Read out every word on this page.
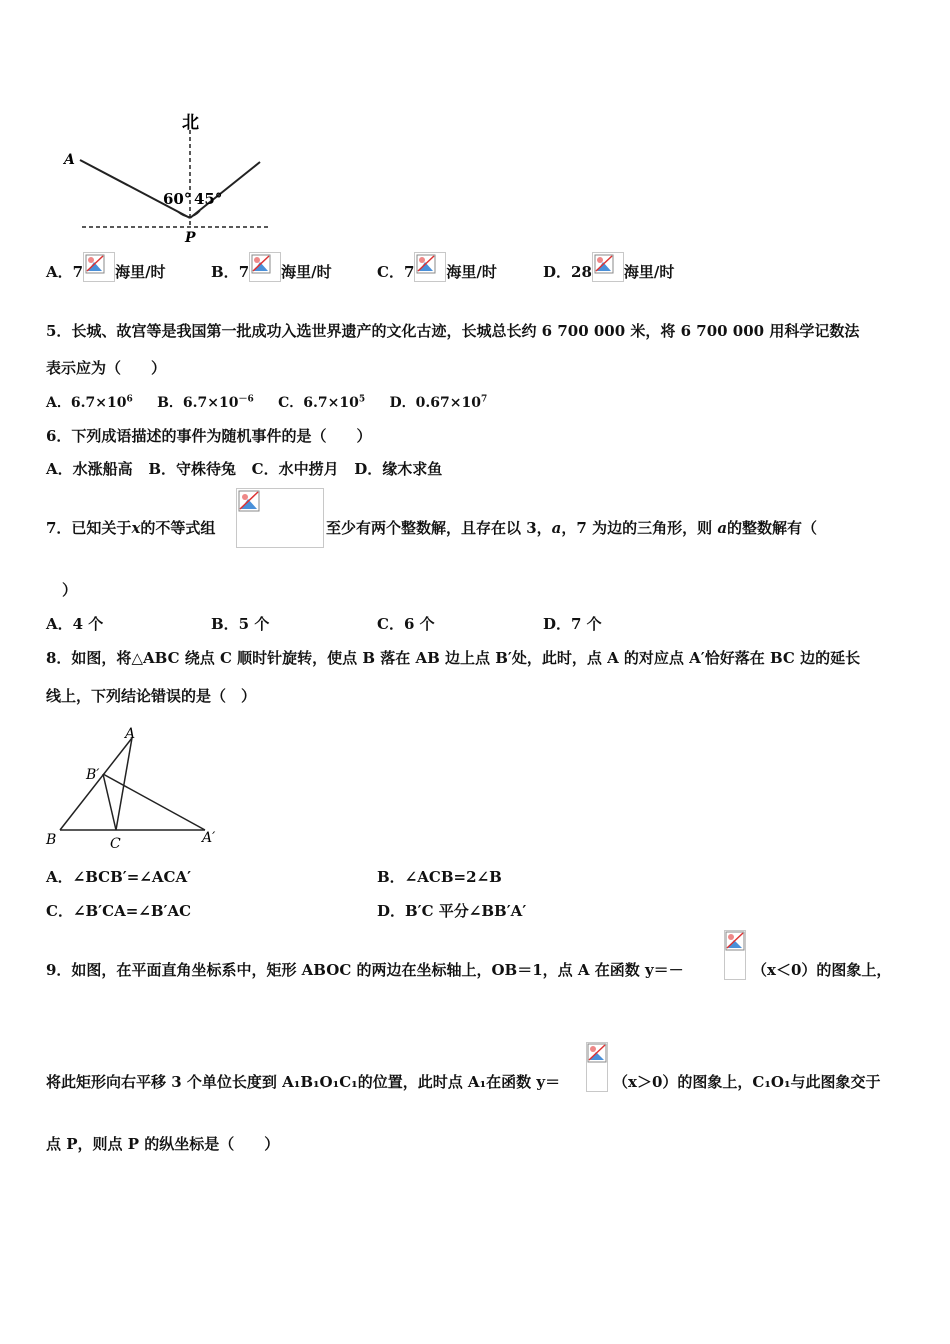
北
A
P
60° 45°
A．7 海里/时	B．7 海里/时	C．7 海里/时	D．28 海里/时
5．长城、故宫等是我国第一批成功入选世界遗产的文化古迹，长城总长约 6 700 000 米，将 6 700 000 用科学记数法
表示应为（　　）
A．$6.7\times 10^6$ B．$6.7\times 10^{-6}$ C．$6.7\times 10^5$ D．$0.67\times 10^7$
6．下列成语描述的事件为随机事件的是（　　）
A．水涨船高 B．守株待兔 C．水中捞月 D．缘木求鱼
7．已知关于x的不等式组	至少有两个整数解，且存在以 3，a，7 为边的三角形，则 a的整数解有（
）
A．4 个	B．5 个	C．6 个	D．7 个
8．如图，将△ABC 绕点 C 顺时针旋转，使点 B 落在 AB 边上点 B′处，此时，点 A 的对应点 A′恰好落在 BC 边的延长
线上，下列结论错误的是（　）
A
B′
B	C	A′
A．∠BCB′=∠ACA′	B．∠ACB=2∠B
C．∠B′CA=∠B′AC	D．B′C 平分∠BB′A′
9．如图，在平面直角坐标系中，矩形 ABOC 的两边在坐标轴上，OB＝1，点 A 在函数 y＝－	（x＜0）的图象上，
将此矩形向右平移 3 个单位长度到 A₁B₁O₁C₁的位置，此时点 A₁在函数 y＝	（x＞0）的图象上，C₁O₁与此图象交于
点 P，则点 P 的纵坐标是（　　）
